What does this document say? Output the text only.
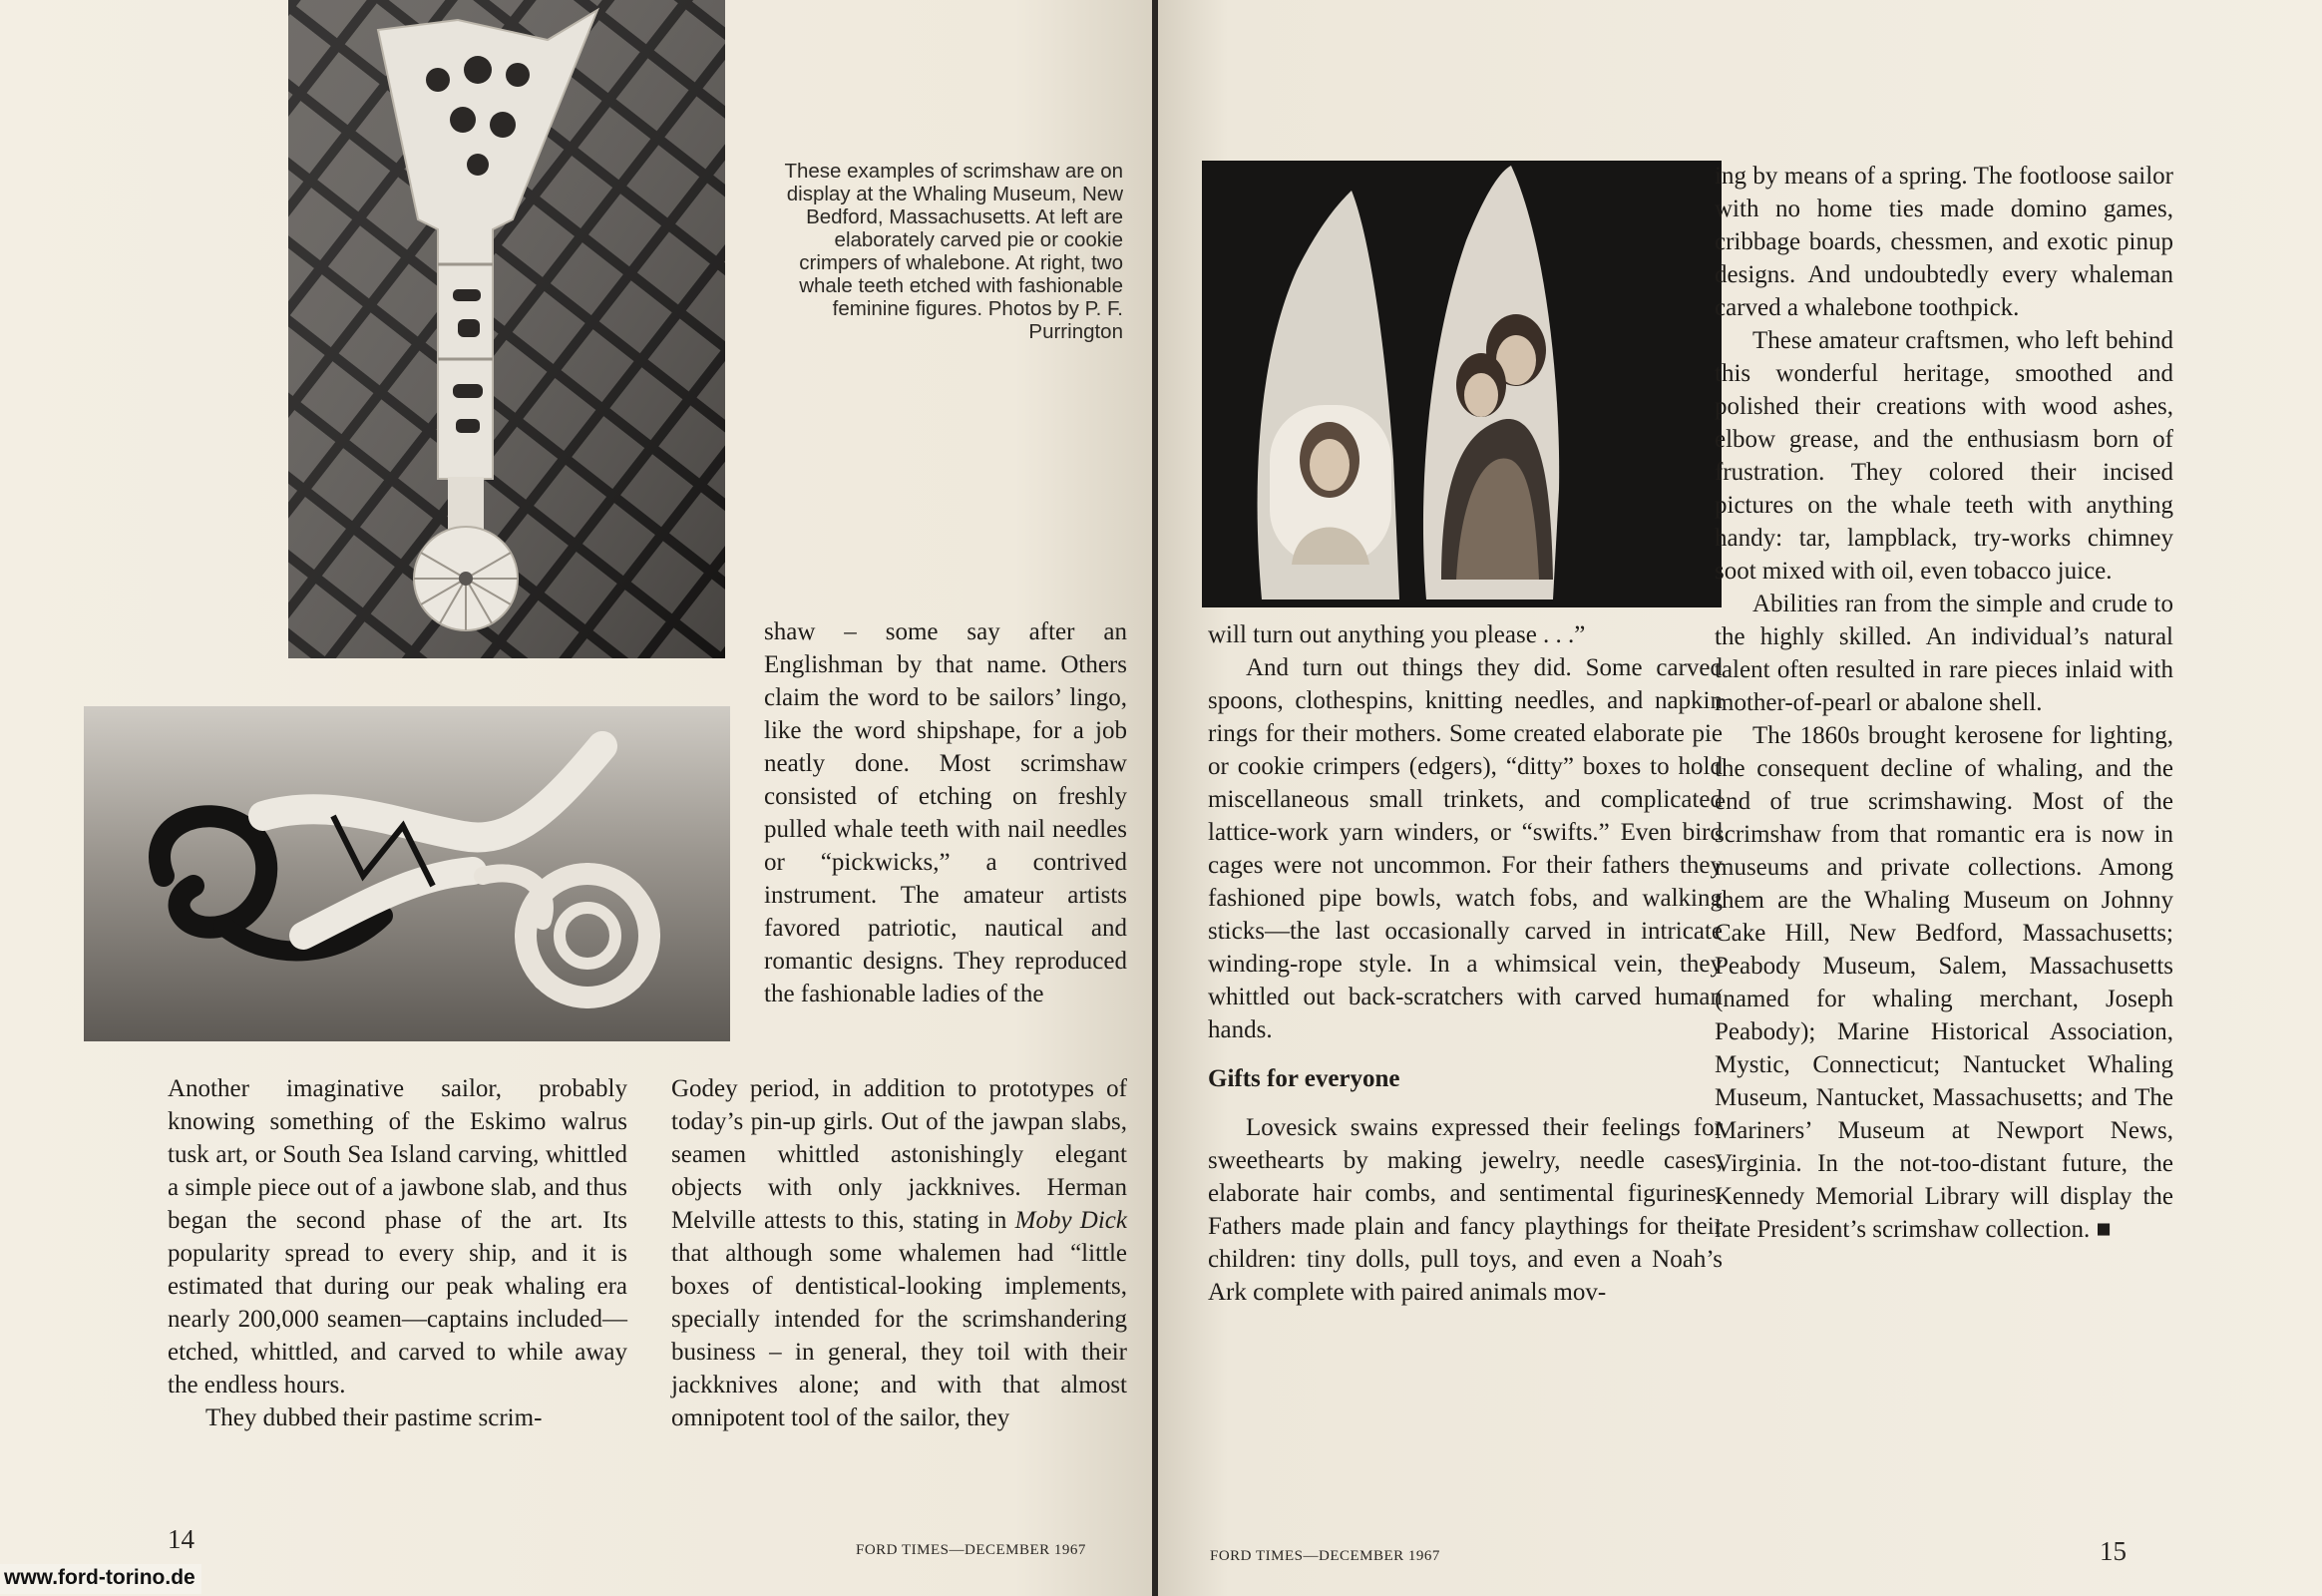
These examples of scrimshaw are on display at the Whaling Museum, New Bedford, Massachusetts. At left are elaborately carved pie or cookie crimpers of whalebone. At right, two whale teeth etched with fashionable feminine figures. Photos by P. F. Purrington

Another imaginative sailor, probably knowing something of the Eskimo walrus tusk art, or South Sea Island carving, whittled a simple piece out of a jawbone slab, and thus began the second phase of the art. Its popularity spread to every ship, and it is estimated that during our peak whaling era nearly 200,000 seamen—captains included—etched, whittled, and carved to while away the endless hours.

They dubbed their pastime scrim-

shaw – some say after an Englishman by that name. Others claim the word to be sailors’ lingo, like the word shipshape, for a job neatly done. Most scrimshaw consisted of etching on freshly pulled whale teeth with nail needles or “pickwicks,” a contrived instrument. The amateur artists favored patriotic, nautical and romantic designs. They reproduced the fashionable ladies of the

Godey period, in addition to prototypes of today’s pin-up girls. Out of the jawpan slabs, seamen whittled astonishingly elegant objects with only jackknives. Herman Melville attests to this, stating in Moby Dick that although some whalemen had “little boxes of dentistical-looking implements, specially intended for the scrimshandering business – in general, they toil with their jackknives alone; and with that almost omnipotent tool of the sailor, they

14	FORD TIMES—DECEMBER 1967

will turn out anything you please . . .”

And turn out things they did. Some carved spoons, clothespins, knitting needles, and napkin rings for their mothers. Some created elaborate pie or cookie crimpers (edgers), “ditty” boxes to hold miscellaneous small trinkets, and complicated lattice-work yarn winders, or “swifts.” Even bird cages were not uncommon. For their fathers they fashioned pipe bowls, watch fobs, and walking sticks—the last occasionally carved in intricate winding-rope style. In a whimsical vein, they whittled out back-scratchers with carved human hands.

Gifts for everyone

Lovesick swains expressed their feelings for sweethearts by making jewelry, needle cases, elaborate hair combs, and sentimental figurines. Fathers made plain and fancy playthings for their children: tiny dolls, pull toys, and even a Noah’s Ark complete with paired animals mov-

ing by means of a spring. The footloose sailor with no home ties made domino games, cribbage boards, chessmen, and exotic pinup designs. And undoubtedly every whaleman carved a whalebone toothpick.

These amateur craftsmen, who left behind this wonderful heritage, smoothed and polished their creations with wood ashes, elbow grease, and the enthusiasm born of frustration. They colored their incised pictures on the whale teeth with anything handy: tar, lampblack, try-works chimney soot mixed with oil, even tobacco juice.

Abilities ran from the simple and crude to the highly skilled. An individual’s natural talent often resulted in rare pieces inlaid with mother-of-pearl or abalone shell.

The 1860s brought kerosene for lighting, the consequent decline of whaling, and the end of true scrimshawing. Most of the scrimshaw from that romantic era is now in museums and private collections. Among them are the Whaling Museum on Johnny Cake Hill, New Bedford, Massachusetts; Peabody Museum, Salem, Massachusetts (named for whaling merchant, Joseph Peabody); Marine Historical Association, Mystic, Connecticut; Nantucket Whaling Museum, Nantucket, Massachusetts; and The Mariners’ Museum at Newport News, Virginia. In the not-too-distant future, the Kennedy Memorial Library will display the late President’s scrimshaw collection. ■

FORD TIMES—DECEMBER 1967	15
www.ford-torino.de
